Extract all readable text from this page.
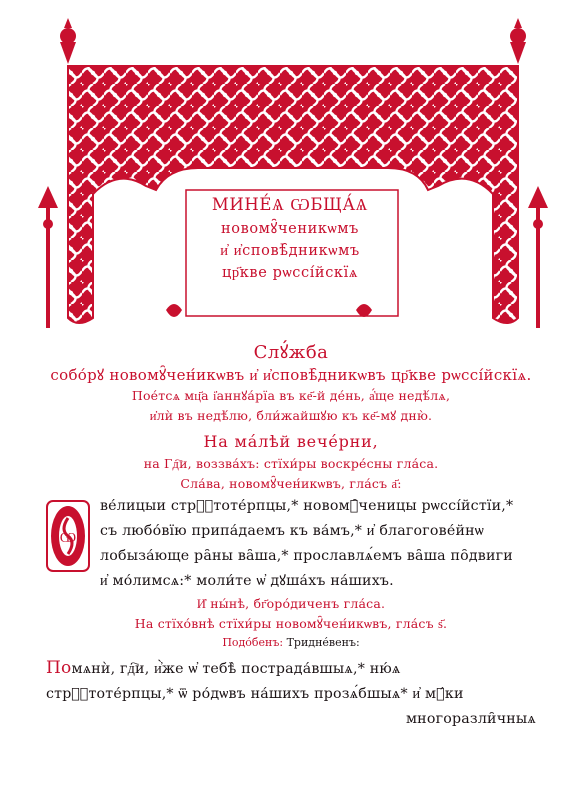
МИНЕ́Ѧ ѠБЩА́Ѧ
новомꙋ̑ченикѡмъ
и҆ и҆сповѣ̑дникѡмъ
цр҃кве рѡссі́йскїѧ
Слꙋ́жба
собо́рꙋ новомꙋ̑чен́икѡвъ и҆ и҆сповѣ̑дникѡвъ цр҃кве рѡссі́йскїѧ.
Пое́тсѧ мц҃а і҆аннꙋа́рїа въ ке҃-й де́нь, а҆́ще недѣ́лѧ,
и҆лѝ въ недѣ́лю, бли́жайшꙋю къ ке҃-мꙋ дню̀.
На ма́лѣй вечéрни,
на Гд҇и, воззва́хъ: стїхи́ры воскре́сны гла́са.
Сла́ва, новомꙋ̑чен́икѡвъ, гла́съ а҃:
Ѡ
ве́лицыи стрⷭ҇тоте́рпцы,* новомꙋ̑ченицы рѡссі́йстїи,*
съ любо́вїю припа́даемъ къ ва́мъ,* и҆ благогове́йнѡ
лобыза́юще ра̑ны ва̑ша,* прославлѧ́емъ ва̑ша по̑двиги
и҆ мо́лимсѧ:* моли́те ѡ҆ дꙋша́хъ на́шихъ.
И҆ ны́нѣ, бг҃оро́диченъ гла́са.
На стїхо́внѣ стїхи́ры новомꙋ̑чен́икѡвъ, гла́съ ѕ҃.
Подо́бенъ: Тридне́венъ:
Помѧнѝ, гд҇и, и҆̀же ѡ҆ тебѣ̀ пострада́вшыѧ,* ню́ѧ
стрⷭ҇тоте́рпцы,* ѿ ро́дѡвъ на́шихъ прозѧ́бшыѧ* и҆ мꙋ́ки
многоразли̑чныѧ
